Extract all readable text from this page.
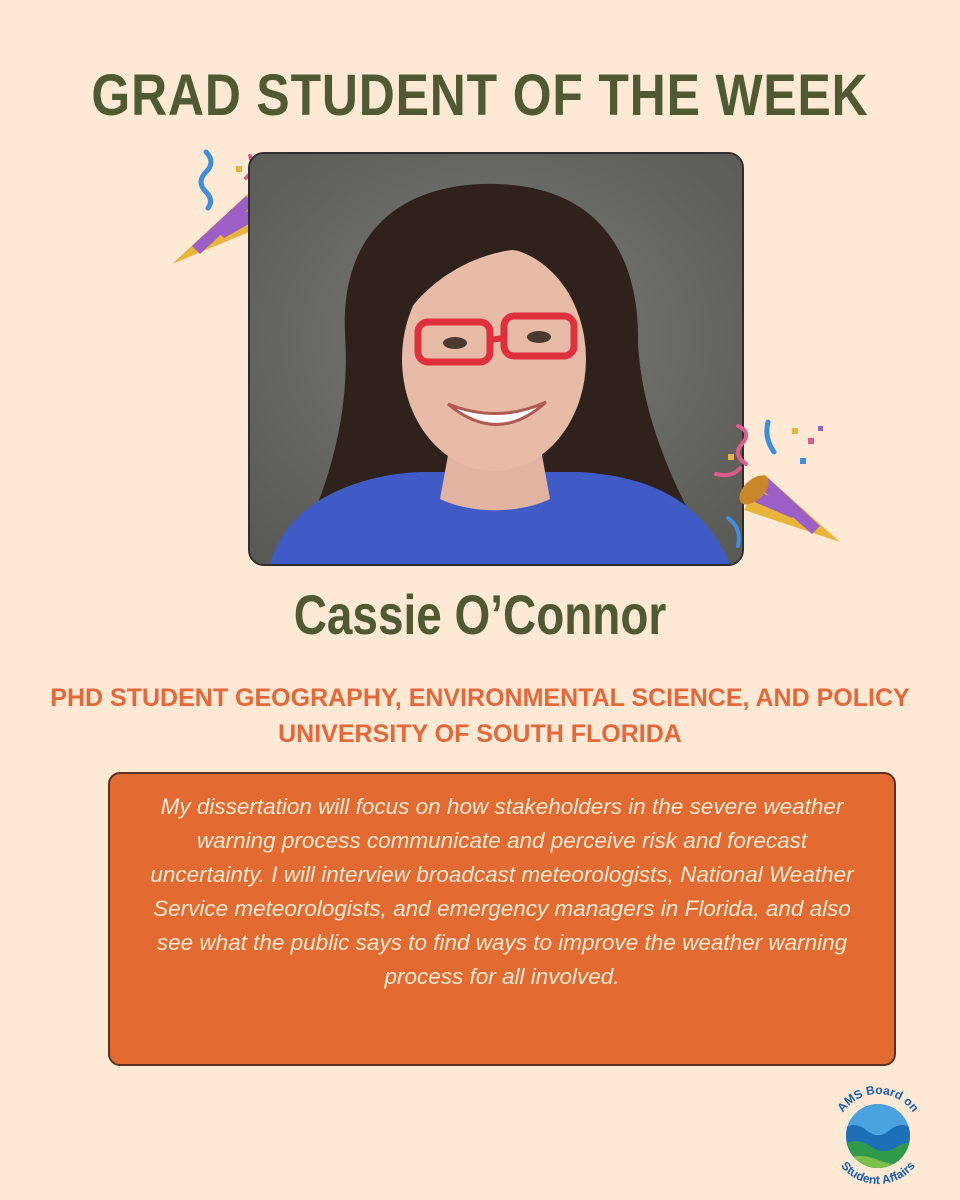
GRAD STUDENT OF THE WEEK
Cassie O’Connor
PHD STUDENT GEOGRAPHY, ENVIRONMENTAL SCIENCE, AND POLICY UNIVERSITY OF SOUTH FLORIDA
My dissertation will focus on how stakeholders in the severe weather warning process communicate and perceive risk and forecast uncertainty. I will interview broadcast meteorologists, National Weather Service meteorologists, and emergency managers in Florida, and also see what the public says to find ways to improve the weather warning process for all involved.
AMS Board on
Student Affairs
AMS Board on Student Affairs
